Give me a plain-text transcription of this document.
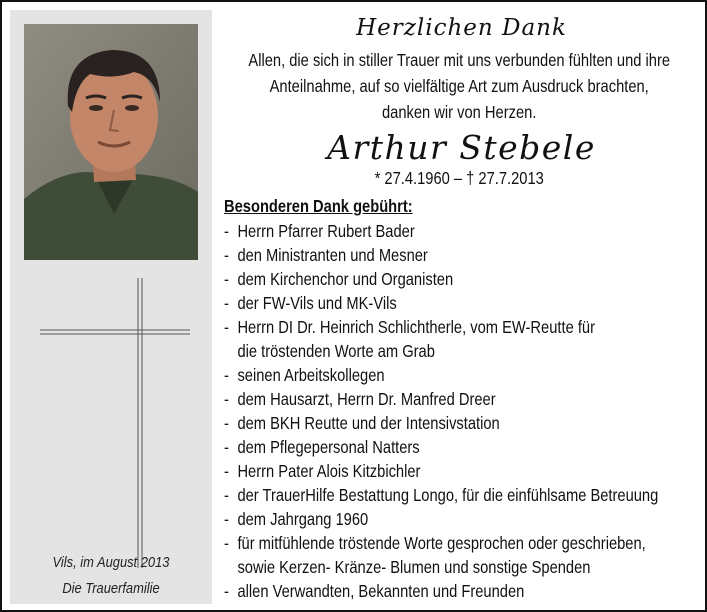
Vils, im August 2013
Die Trauerfamilie
Herzlichen Dank
Allen, die sich in stiller Trauer mit uns verbunden fühlten und ihre
Anteilnahme, auf so vielfältige Art zum Ausdruck brachten,
danken wir von Herzen.
Arthur Stebele
* 27.4.1960 – † 27.7.2013
Besonderen Dank gebührt:
- Herrn Pfarrer Rubert Bader
- den Ministranten und Mesner
- dem Kirchenchor und Organisten
- der FW-Vils und MK-Vils
- Herrn DI Dr. Heinrich Schlichtherle, vom EW-Reutte für
die tröstenden Worte am Grab
- seinen Arbeitskollegen
- dem Hausarzt, Herrn Dr. Manfred Dreer
- dem BKH Reutte und der Intensivstation
- dem Pflegepersonal Natters
- Herrn Pater Alois Kitzbichler
- der TrauerHilfe Bestattung Longo, für die einfühlsame Betreuung
- dem Jahrgang 1960
- für mitfühlende tröstende Worte gesprochen oder geschrieben,
sowie Kerzen- Kränze- Blumen und sonstige Spenden
- allen Verwandten, Bekannten und Freunden
